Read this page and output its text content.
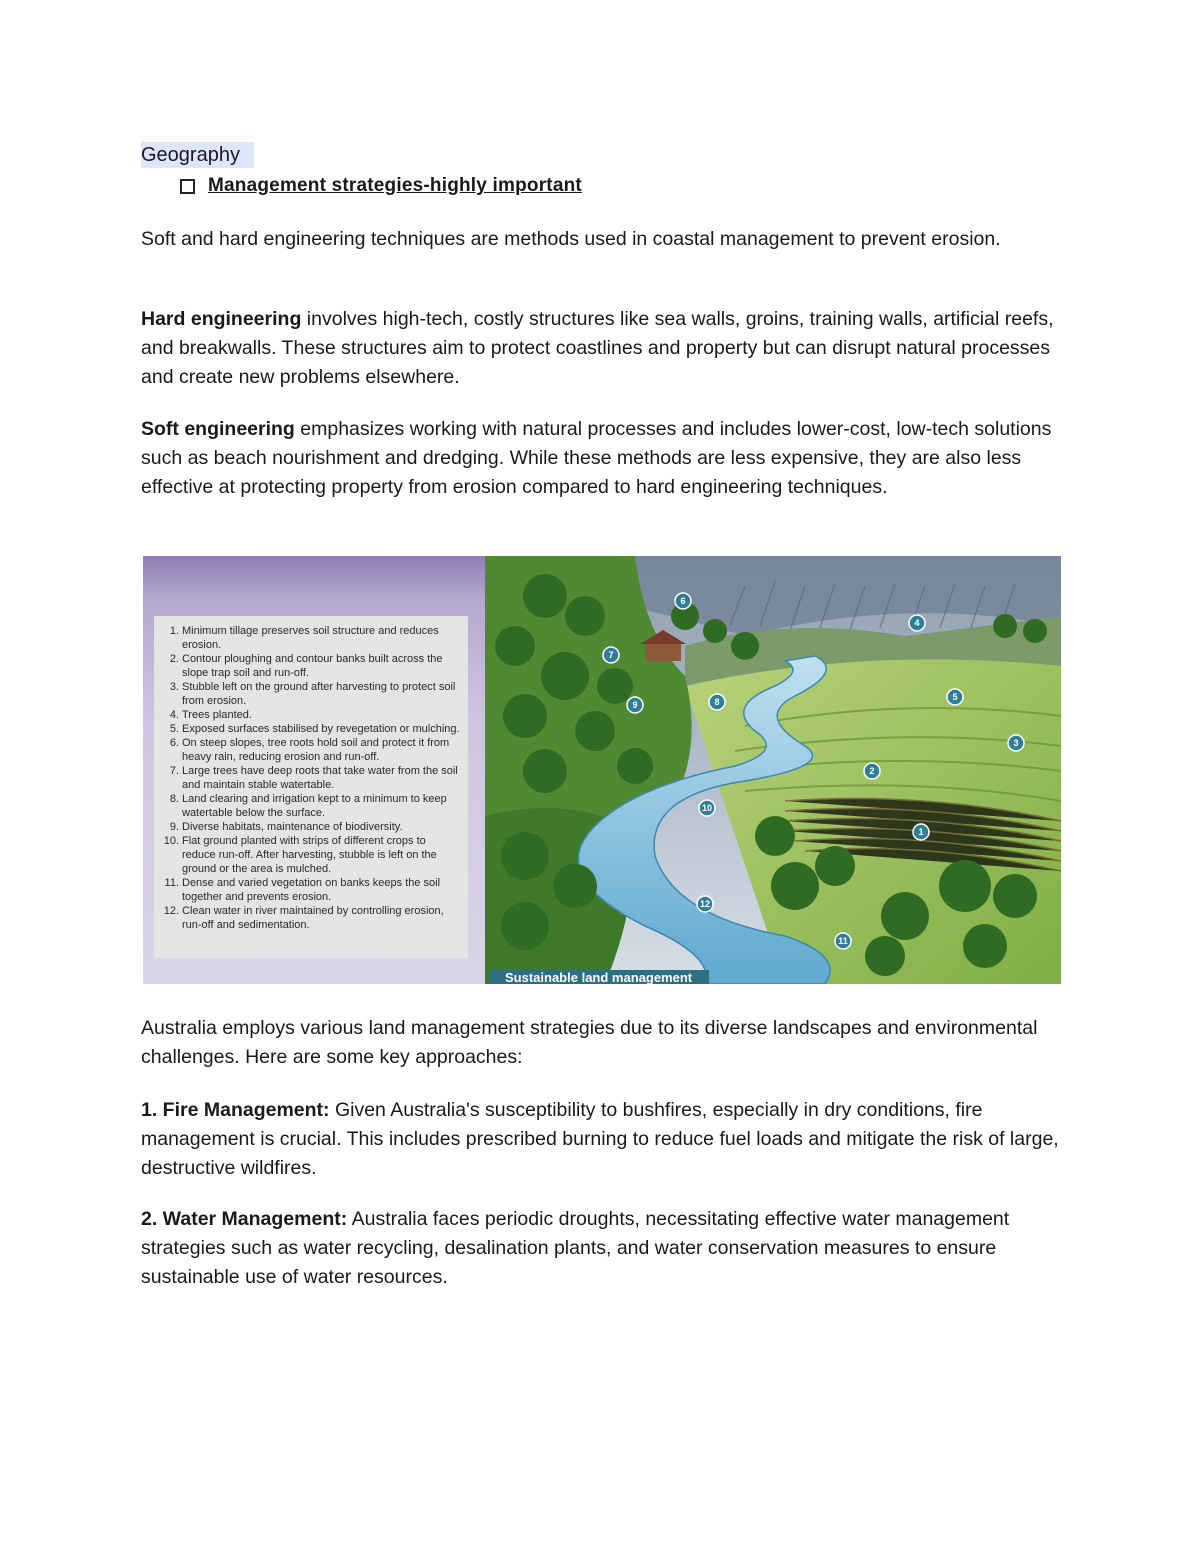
Geography
Management strategies-highly important

Soft and hard engineering techniques are methods used in coastal management to prevent erosion.

Hard engineering involves high-tech, costly structures like sea walls, groins, training walls, artificial reefs, and breakwalls. These structures aim to protect coastlines and property but can disrupt natural processes and create new problems elsewhere.

Soft engineering emphasizes working with natural processes and includes lower-cost, low-tech solutions such as beach nourishment and dredging. While these methods are less expensive, they are also less effective at protecting property from erosion compared to hard engineering techniques.

1. Minimum tillage preserves soil structure and reduces erosion.
2. Contour ploughing and contour banks built across the slope trap soil and run-off.
3. Stubble left on the ground after harvesting to protect soil from erosion.
4. Trees planted.
5. Exposed surfaces stabilised by revegetation or mulching.
6. On steep slopes, tree roots hold soil and protect it from heavy rain, reducing erosion and run-off.
7. Large trees have deep roots that take water from the soil and maintain stable watertable.
8. Land clearing and irrigation kept to a minimum to keep watertable below the surface.
9. Diverse habitats, maintenance of biodiversity.
10. Flat ground planted with strips of different crops to reduce run-off. After harvesting, stubble is left on the ground or the area is mulched.
11. Dense and varied vegetation on banks keeps the soil together and prevents erosion.
12. Clean water in river maintained by controlling erosion, run-off and sedimentation.
6
4
7
9	8	5
3
2
10
1
12
11
Sustainable land management

Australia employs various land management strategies due to its diverse landscapes and environmental challenges. Here are some key approaches:

1. Fire Management: Given Australia's susceptibility to bushfires, especially in dry conditions, fire management is crucial. This includes prescribed burning to reduce fuel loads and mitigate the risk of large, destructive wildfires.

2. Water Management: Australia faces periodic droughts, necessitating effective water management strategies such as water recycling, desalination plants, and water conservation measures to ensure sustainable use of water resources.
